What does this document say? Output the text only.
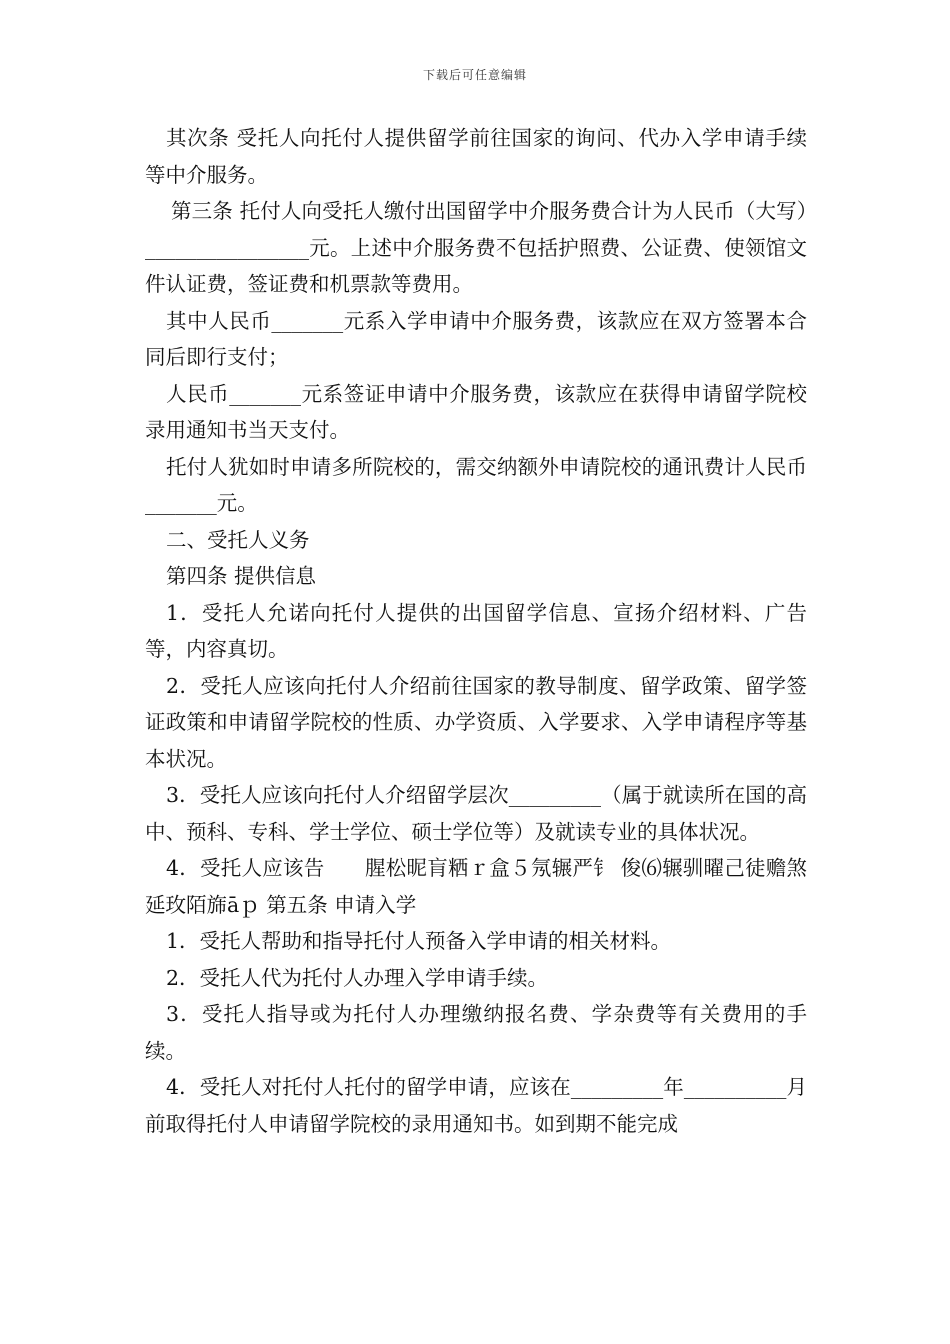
下载后可任意编辑

其次条 受托人向托付人提供留学前往国家的询问、代办入学申请手续等中介服务。

第三条 托付人向受托人缴付出国留学中介服务费合计为人民币（大写）________________元。上述中介服务费不包括护照费、公证费、使领馆文件认证费，签证费和机票款等费用。

其中人民币_______元系入学申请中介服务费，该款应在双方签署本合同后即行支付；

人民币_______元系签证申请中介服务费，该款应在获得申请留学院校录用通知书当天支付。

托付人犹如时申请多所院校的，需交纳额外申请院校的通讯费计人民币_______元。

二、受托人义务

第四条 提供信息

1．受托人允诺向托付人提供的出国留学信息、宣扬介绍材料、广告等，内容真切。

2．受托人应该向托付人介绍前往国家的教导制度、留学政策、留学签证政策和申请留学院校的性质、办学资质、入学要求、入学申请程序等基本状况。

3．受托人应该向托付人介绍留学层次_________（属于就读所在国的高中、预科、专科、学士学位、硕士学位等）及就读专业的具体状况。

4．受托人应该告      腥松昵肓粞ｒ盒５氖辗严钅 俊⑹辗驯曜己徒赡煞延玫陌旆āｐ 第五条 申请入学

1．受托人帮助和指导托付人预备入学申请的相关材料。

2．受托人代为托付人办理入学申请手续。

3．受托人指导或为托付人办理缴纳报名费、学杂费等有关费用的手续。

4．受托人对托付人托付的留学申请，应该在_________年__________月前取得托付人申请留学院校的录用通知书。如到期不能完成
